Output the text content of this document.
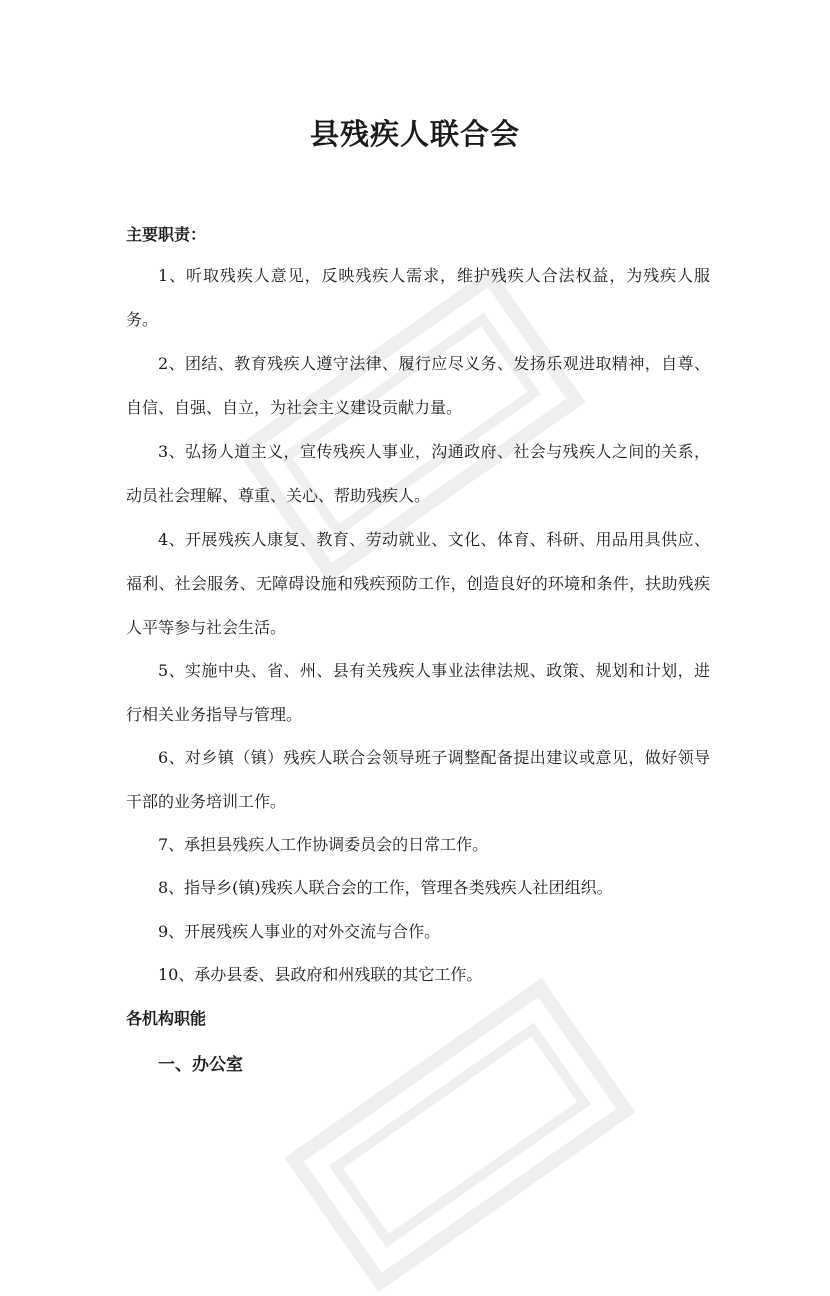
县残疾人联合会

主要职责：

1、听取残疾人意见，反映残疾人需求，维护残疾人合法权益，为残疾人服务。

2、团结、教育残疾人遵守法律、履行应尽义务、发扬乐观进取精神，自尊、自信、自强、自立，为社会主义建设贡献力量。

3、弘扬人道主义，宣传残疾人事业，沟通政府、社会与残疾人之间的关系，动员社会理解、尊重、关心、帮助残疾人。

4、开展残疾人康复、教育、劳动就业、文化、体育、科研、用品用具供应、福利、社会服务、无障碍设施和残疾预防工作，创造良好的环境和条件，扶助残疾人平等参与社会生活。

5、实施中央、省、州、县有关残疾人事业法律法规、政策、规划和计划，进行相关业务指导与管理。

6、对乡镇（镇）残疾人联合会领导班子调整配备提出建议或意见，做好领导干部的业务培训工作。

7、承担县残疾人工作协调委员会的日常工作。

8、指导乡(镇)残疾人联合会的工作，管理各类残疾人社团组织。

9、开展残疾人事业的对外交流与合作。

10、承办县委、县政府和州残联的其它工作。

各机构职能

一、办公室
